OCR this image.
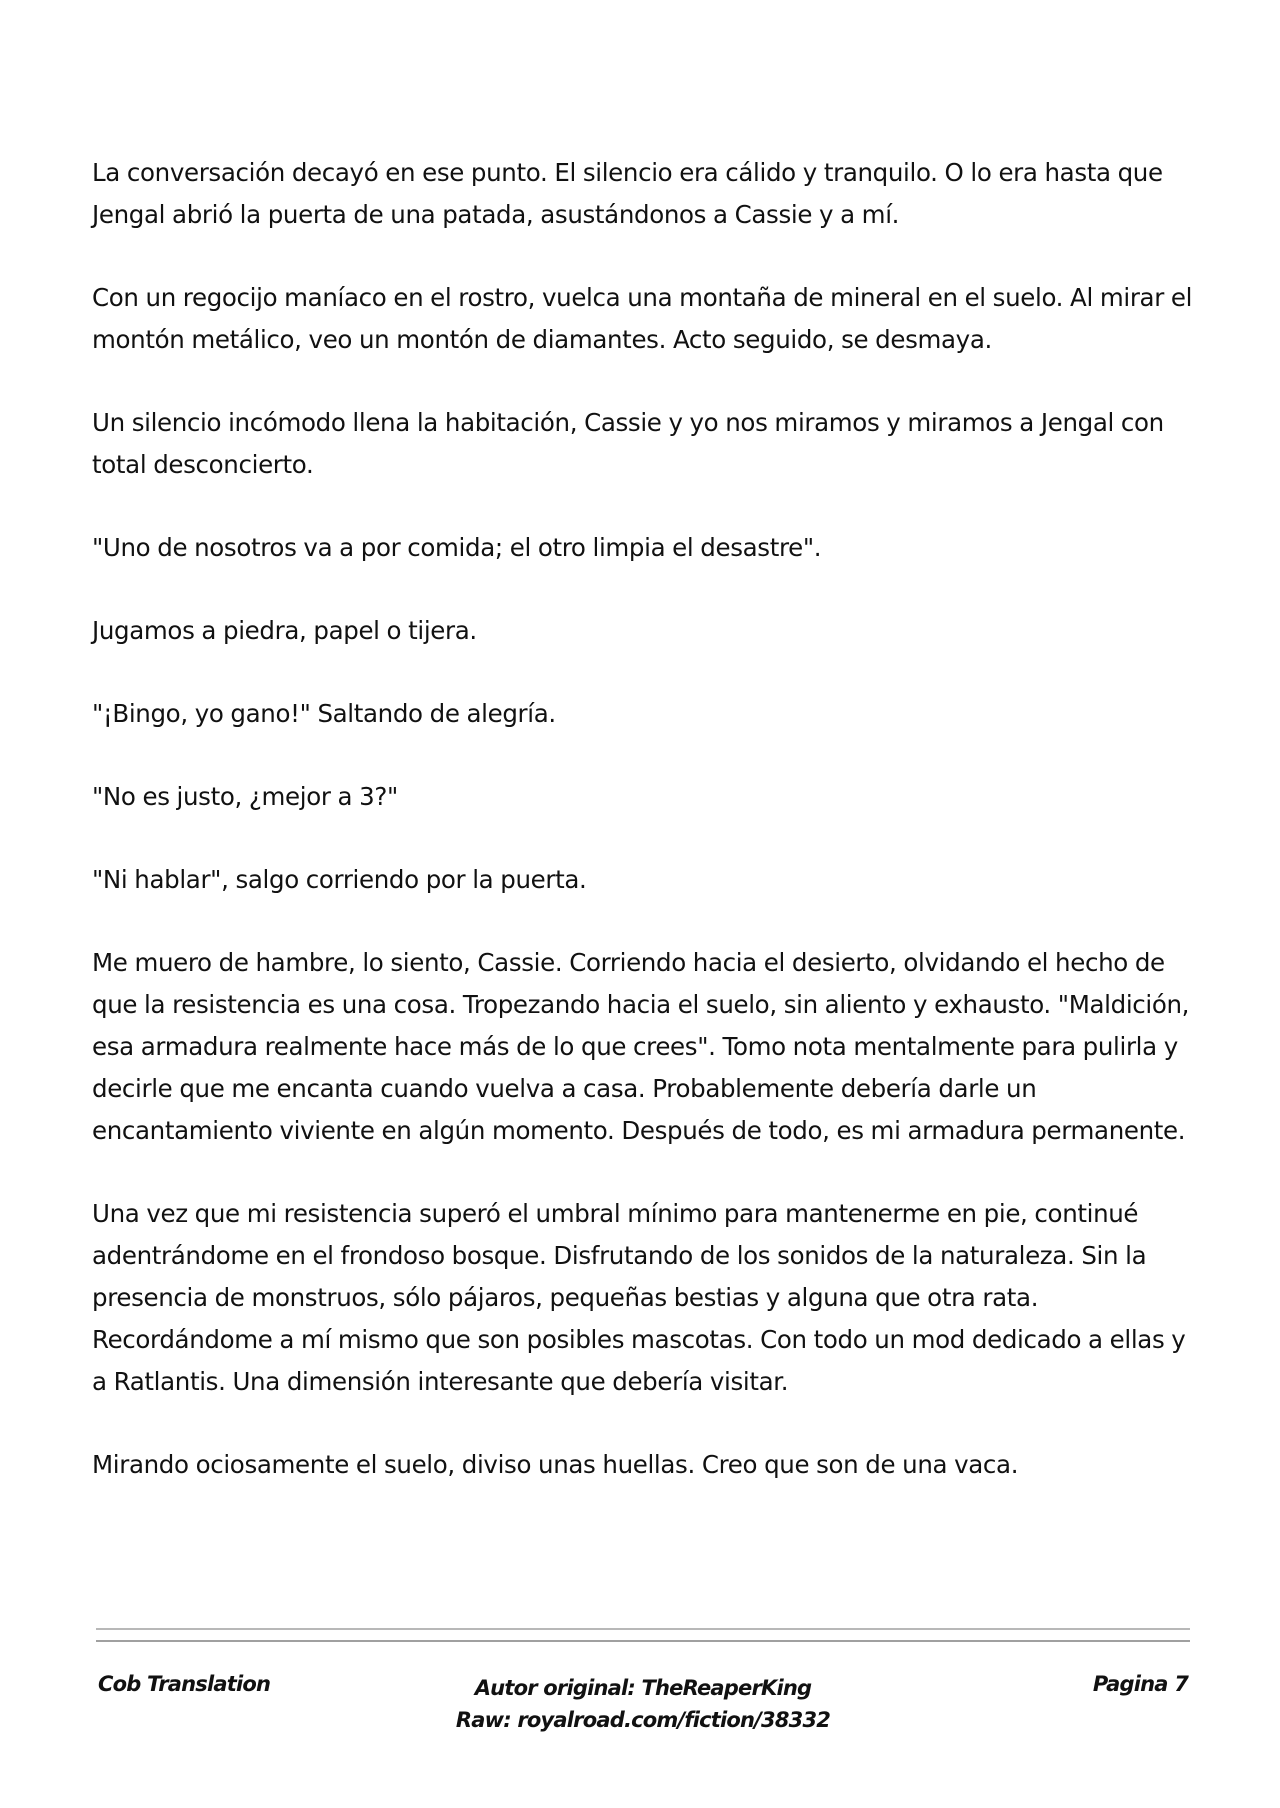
La conversación decayó en ese punto. El silencio era cálido y tranquilo. O lo era hasta que Jengal abrió la puerta de una patada, asustándonos a Cassie y a mí.

Con un regocijo maníaco en el rostro, vuelca una montaña de mineral en el suelo. Al mirar el montón metálico, veo un montón de diamantes. Acto seguido, se desmaya.

Un silencio incómodo llena la habitación, Cassie y yo nos miramos y miramos a Jengal con total desconcierto.

"Uno de nosotros va a por comida; el otro limpia el desastre".

Jugamos a piedra, papel o tijera.

"¡Bingo, yo gano!" Saltando de alegría.

"No es justo, ¿mejor a 3?"

"Ni hablar", salgo corriendo por la puerta.

Me muero de hambre, lo siento, Cassie. Corriendo hacia el desierto, olvidando el hecho de que la resistencia es una cosa. Tropezando hacia el suelo, sin aliento y exhausto. "Maldición, esa armadura realmente hace más de lo que crees". Tomo nota mentalmente para pulirla y decirle que me encanta cuando vuelva a casa. Probablemente debería darle un encantamiento viviente en algún momento. Después de todo, es mi armadura permanente.

Una vez que mi resistencia superó el umbral mínimo para mantenerme en pie, continué adentrándome en el frondoso bosque. Disfrutando de los sonidos de la naturaleza. Sin la presencia de monstruos, sólo pájaros, pequeñas bestias y alguna que otra rata. Recordándome a mí mismo que son posibles mascotas. Con todo un mod dedicado a ellas y a Ratlantis. Una dimensión interesante que debería visitar.

Mirando ociosamente el suelo, diviso unas huellas. Creo que son de una vaca.

Cob Translation	Autor original: TheReaperKing
Raw: royalroad.com/fiction/38332
Pagina 7
